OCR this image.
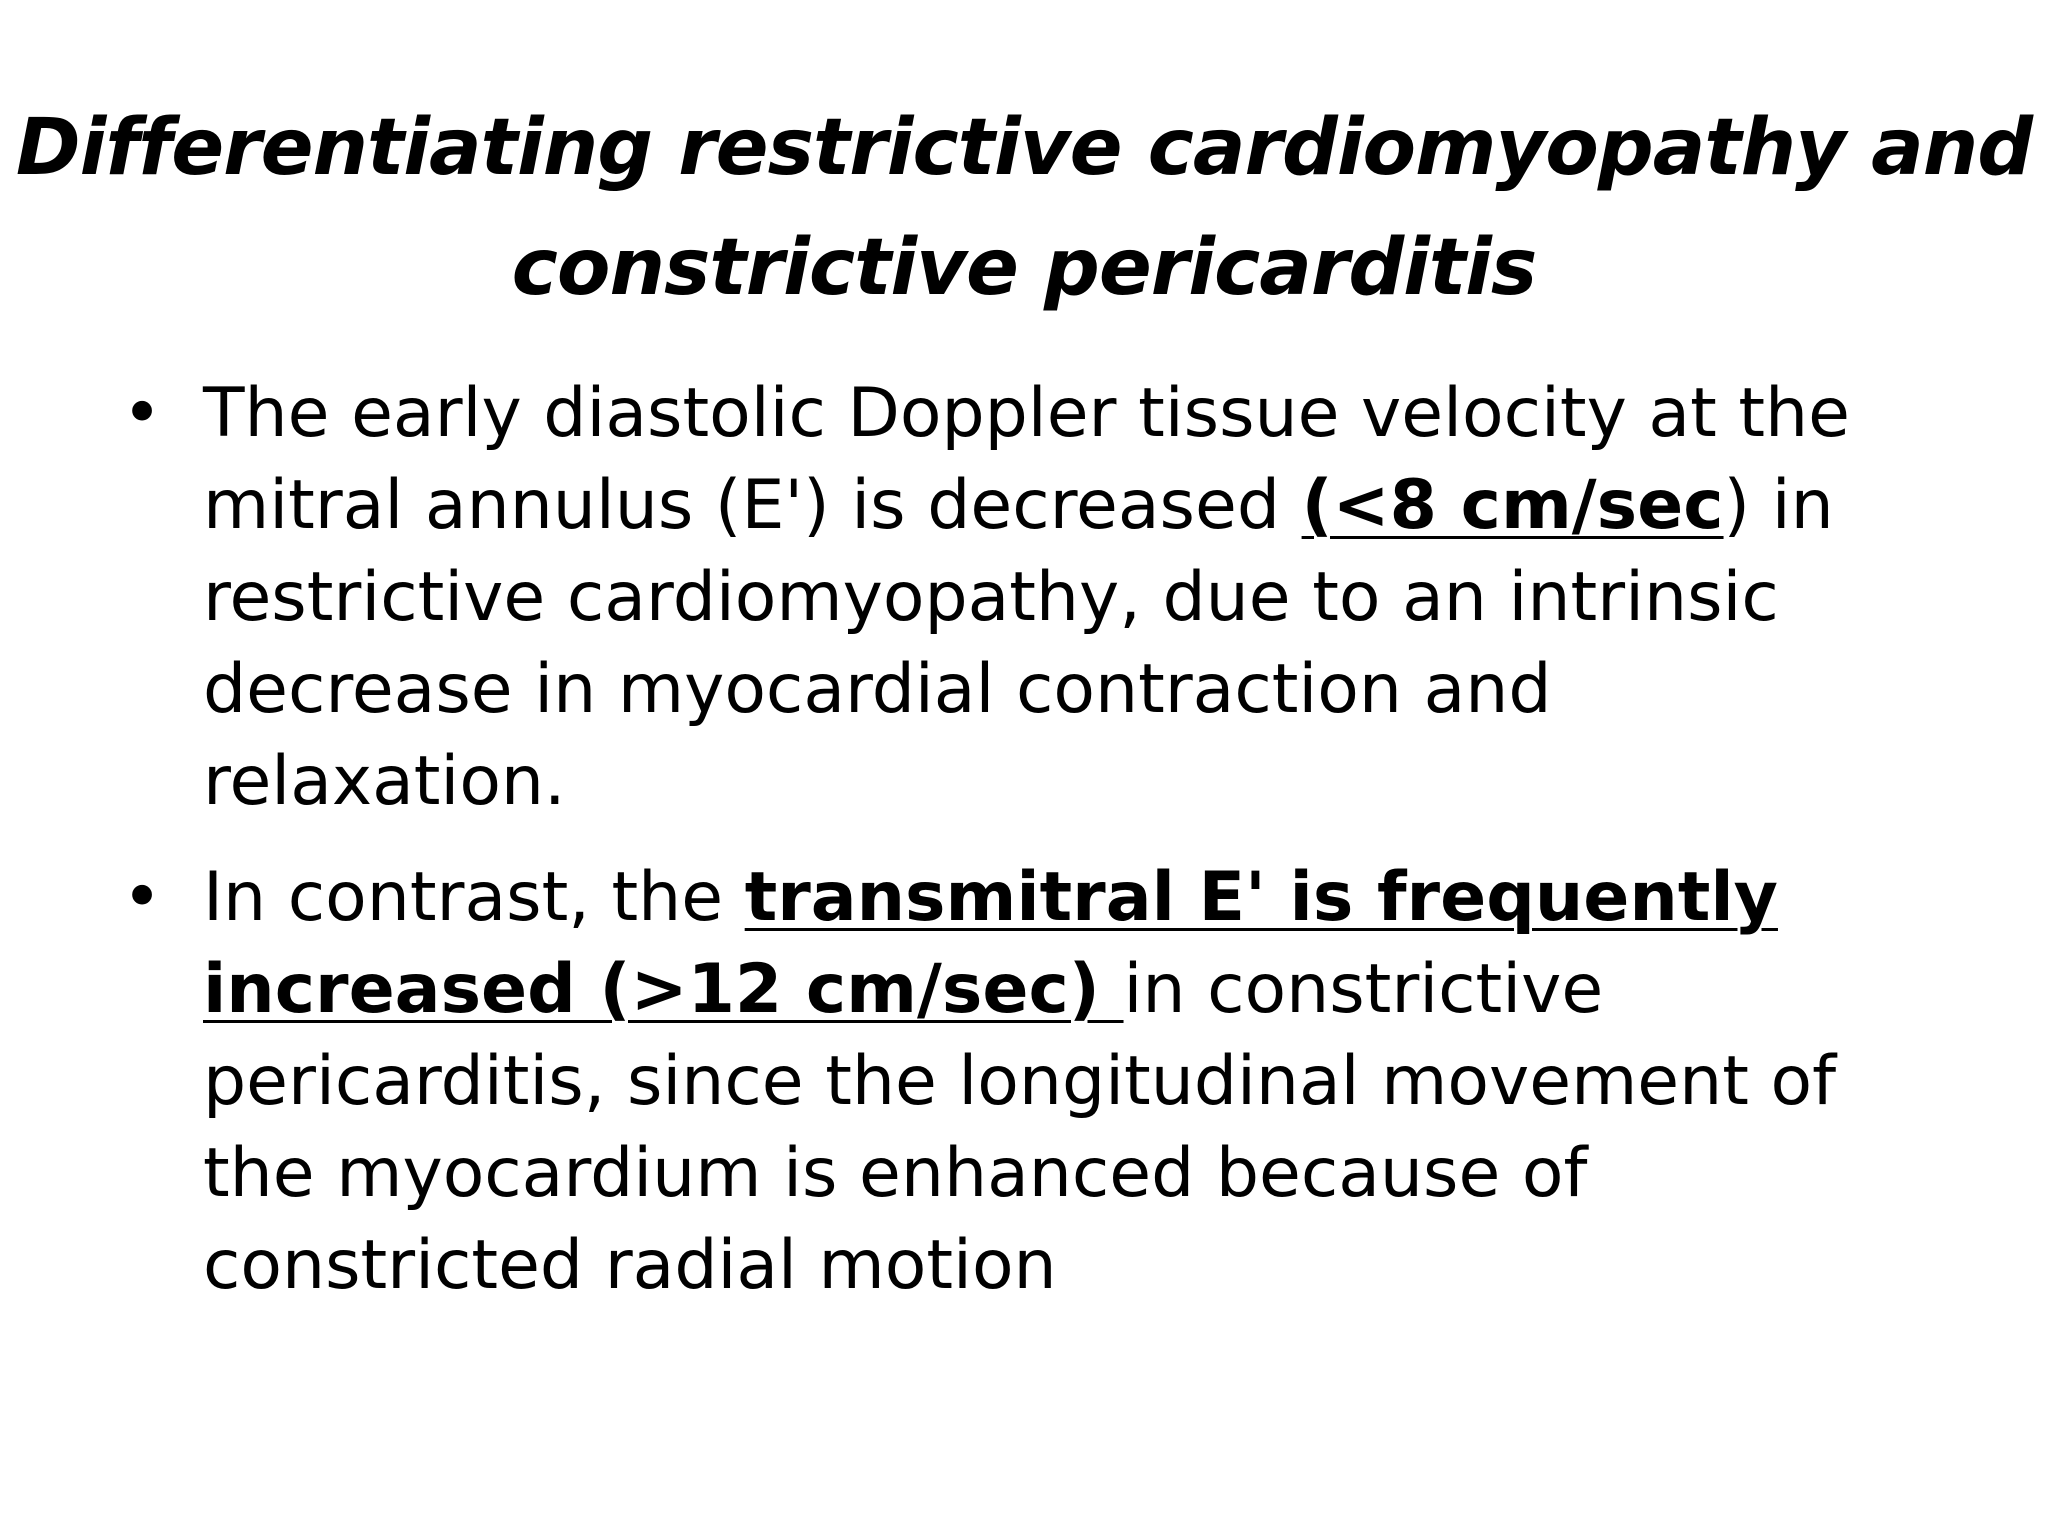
Differentiating restrictive cardiomyopathy and
constrictive pericarditis
• The early diastolic Doppler tissue velocity at the
mitral annulus (E') is decreased (<8 cm/sec) in
restrictive cardiomyopathy, due to an intrinsic
decrease in myocardial contraction and
relaxation.
• In contrast, the transmitral E' is frequently
increased (>12 cm/sec) in constrictive
pericarditis, since the longitudinal movement of
the myocardium is enhanced because of
constricted radial motion
